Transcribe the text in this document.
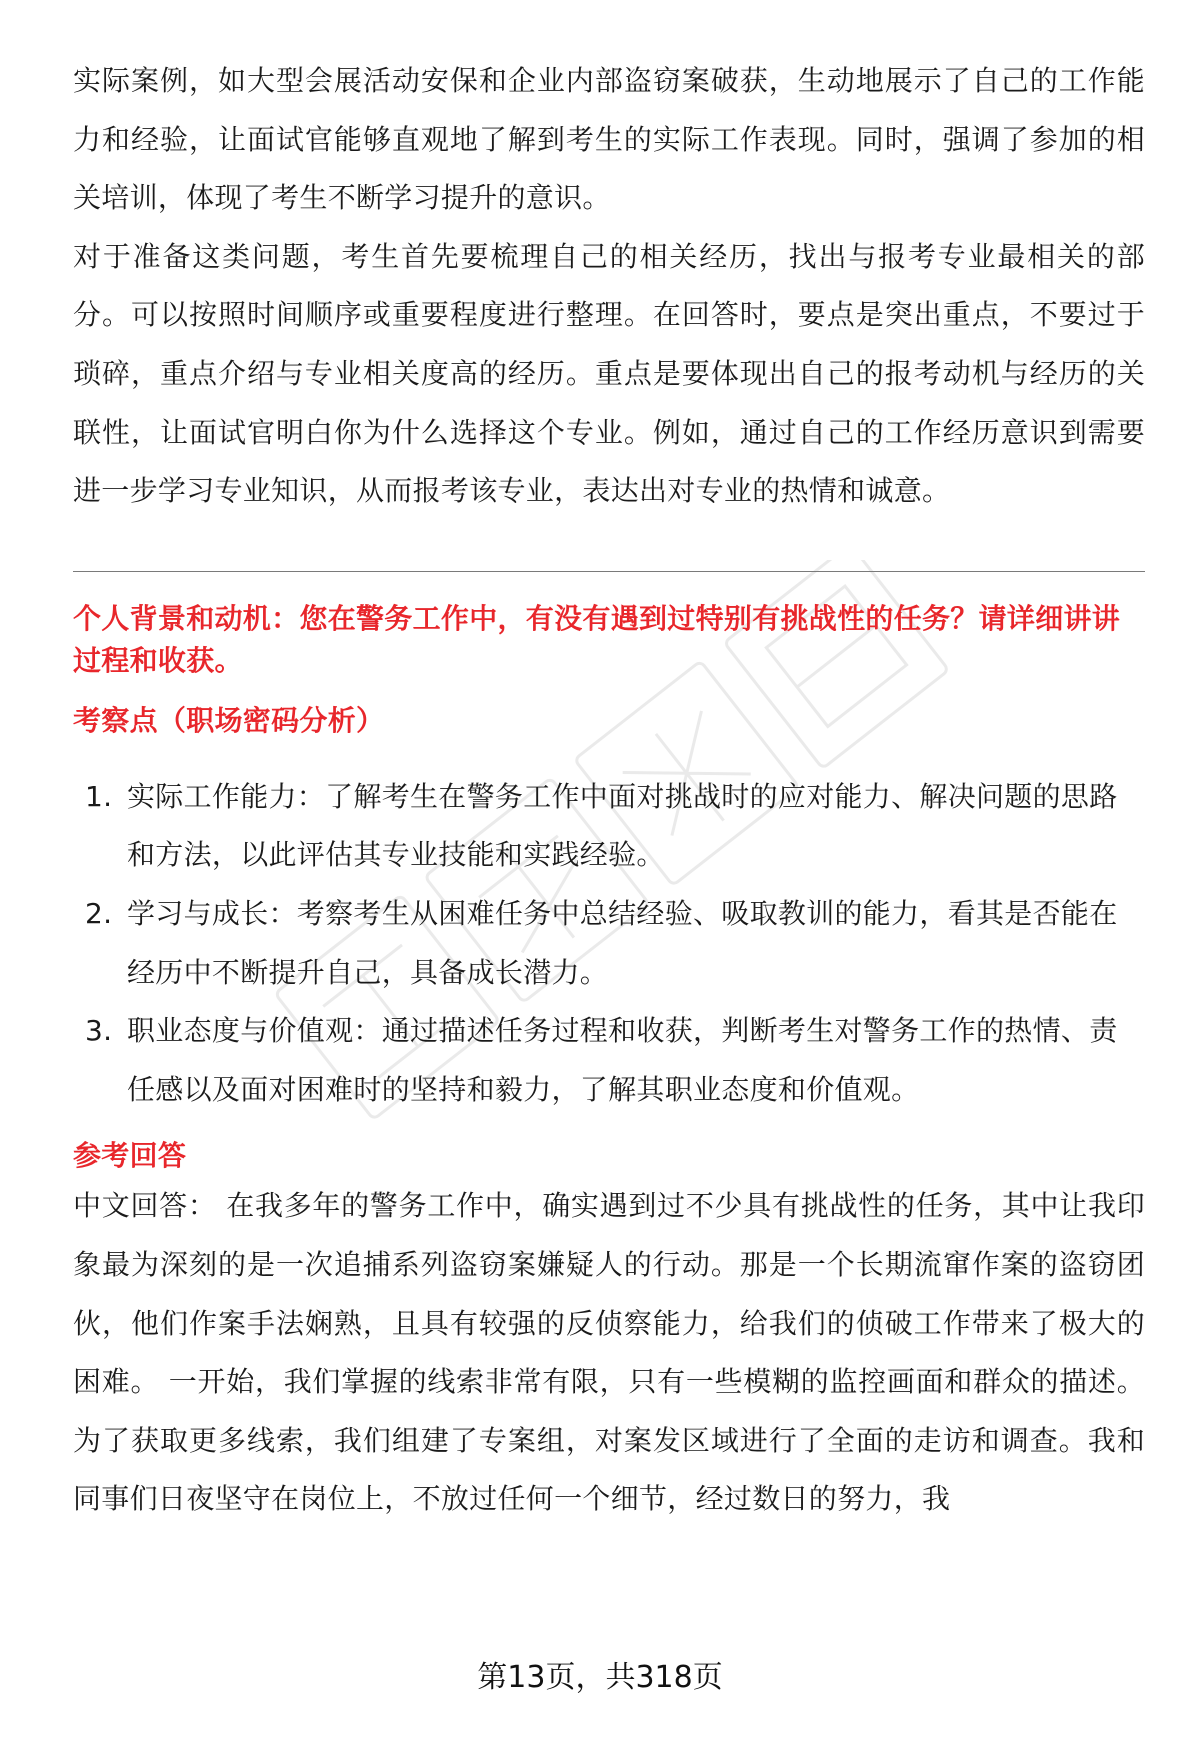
实际案例，如大型会展活动安保和企业内部盗窃案破获，生动地展示了自己的工作能力和经验，让面试官能够直观地了解到考生的实际工作表现。同时，强调了参加的相关培训，体现了考生不断学习提升的意识。

对于准备这类问题，考生首先要梳理自己的相关经历，找出与报考专业最相关的部分。可以按照时间顺序或重要程度进行整理。在回答时，要点是突出重点，不要过于琐碎，重点介绍与专业相关度高的经历。重点是要体现出自己的报考动机与经历的关联性，让面试官明白你为什么选择这个专业。例如，通过自己的工作经历意识到需要进一步学习专业知识，从而报考该专业，表达出对专业的热情和诚意。

个人背景和动机：您在警务工作中，有没有遇到过特别有挑战性的任务？请详细讲讲过程和收获。

考察点（职场密码分析）

1. 实际工作能力：了解考生在警务工作中面对挑战时的应对能力、解决问题的思路和方法，以此评估其专业技能和实践经验。
2. 学习与成长：考察考生从困难任务中总结经验、吸取教训的能力，看其是否能在经历中不断提升自己，具备成长潜力。
3. 职业态度与价值观：通过描述任务过程和收获，判断考生对警务工作的热情、责任感以及面对困难时的坚持和毅力，了解其职业态度和价值观。

参考回答

中文回答： 在我多年的警务工作中，确实遇到过不少具有挑战性的任务，其中让我印象最为深刻的是一次追捕系列盗窃案嫌疑人的行动。那是一个长期流窜作案的盗窃团伙，他们作案手法娴熟，且具有较强的反侦察能力，给我们的侦破工作带来了极大的困难。 一开始，我们掌握的线索非常有限，只有一些模糊的监控画面和群众的描述。为了获取更多线索，我们组建了专案组，对案发区域进行了全面的走访和调查。我和同事们日夜坚守在岗位上，不放过任何一个细节，经过数日的努力，我

第13页，共318页
